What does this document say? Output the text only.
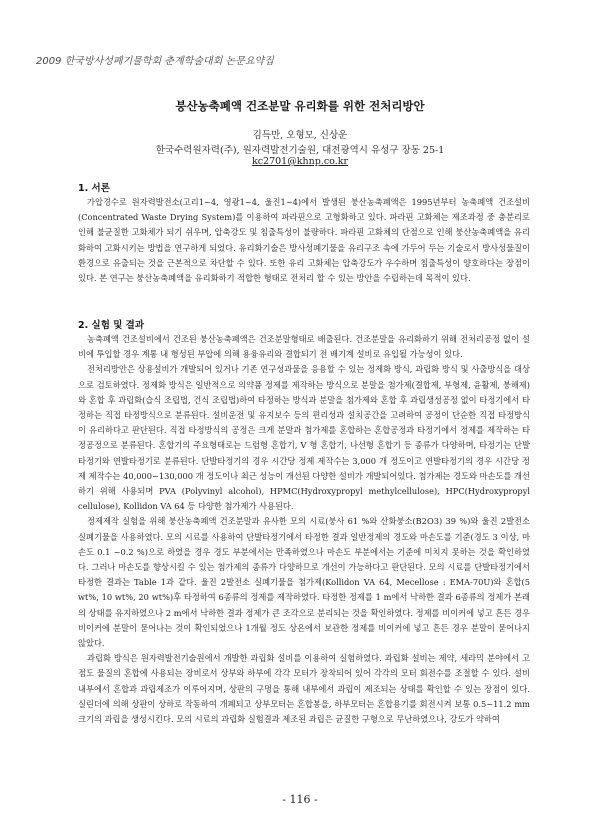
2009 한국방사성폐기물학회 춘계학술대회 논문요약집
붕산농축폐액 건조분말 유리화를 위한 전처리방안
김득만, 오형모, 신상운
한국수력원자력(주), 원자력발전기술원, 대전광역시 유성구 장동 25-1
kc2701@khnp.co.kr
1. 서론

가압경수로 원자력발전소(고리1~4, 영광1~4, 울진1~4)에서 발생된 붕산농축폐액은 1995년부터 농축폐액 건조설비(Concentrated Waste Drying System)를 이용하여 파라핀으로 고형화하고 있다. 파라핀 고화체는 제조과정 중 충분리로 인해 불균질한 고화체가 되기 쉬우며, 압축강도 및 침출특성이 불량하다. 파라핀 고화체의 단점으로 인해 붕산농축폐액을 유리화하여 고화시키는 방법을 연구하게 되었다. 유리화기술은 방사성폐기물을 유리구조 속에 가두어 두는 기술로서 방사성물질이 환경으로 유출되는 것을 근본적으로 차단할 수 있다. 또한 유리 고화체는 압축강도가 우수하며 침출특성이 양호하다는 장점이 있다. 본 연구는 붕산농축폐액을 유리화하기 적합한 형태로 전처리 할 수 있는 방안을 수립하는데 목적이 있다.

2. 실험 및 결과

농축폐액 건조설비에서 건조된 붕산농축폐액은 건조분말형태로 배출된다. 건조분말을 유리화하기 위해 전처리공정 없이 설비에 투입할 경우 계통 내 형성된 부압에 의해 용융유리와 결합되기 전 배기계 설비로 유입될 가능성이 있다.

전처리방안은 상용설비가 개발되어 있거나 기존 연구성과물을 응용할 수 있는 정제화 방식, 과립화 방식 및 사출방식을 대상으로 검토하였다. 정제화 방식은 일반적으로 의약품 정제를 제작하는 방식으로 분말을 첨가제(결합제, 부형제, 윤활제, 붕해제)와 혼합 후 과립화(습식 조립법, 건식 조립법)하여 타정하는 방식과 분말을 첨가제와 혼합 후 과립생성공정 없이 타정기에서 타정하는 직접 타정방식으로 분류된다. 설비운전 및 유지보수 등의 편리성과 설치공간을 고려하여 공정이 단순한 직접 타정방식이 유리하다고 판단된다. 직접 타정방식의 공정은 크게 분말과 첨가제를 혼합하는 혼합공정과 타정기에서 정제를 제작하는 타정공정으로 분류된다. 혼합기의 주요형태로는 드럼형 혼합기, V 형 혼합기, 나선형 혼합기 등 종류가 다양하며, 타정기는 단발타정기와 연발타정기로 분류된다. 단발타정기의 경우 시간당 정제 제작수는 3,000 개 정도이고 연발타정기의 경우 시간당 정제 제작수는 40,000~130,000 개 정도이나 최근 성능이 개선된 다양한 설비가 개발되어있다. 첨가제는 경도와 마손도를 개선하기 위해 사용되며 PVA (Polyvinyl alcohol), HPMC(Hydroxypropyl methylcellulose), HPC(Hydroxypropyl cellulose), Kollidon VA 64 등 다양한 첨가제가 사용된다.

정제제작 실험을 위해 붕산농축폐액 건조분말과 유사한 모의 시료(붕사 61 %와 산화붕소(B2O3) 39 %)와 울진 2발전소 실폐기물을 사용하였다. 모의 시료를 사용하여 단발타정기에서 타정한 결과 일반정제의 경도와 마손도를 기준(경도 3 이상, 마손도 0.1 ~0.2 %)으로 하였을 경우 경도 부분에서는 만족하였으나 마손도 부분에서는 기준에 미치지 못하는 것을 확인하였다. 그러나 마손도를 향상시킬 수 있는 첨가제의 종류가 다양하므로 개선이 가능하다고 판단된다. 모의 시료를 단발타정기에서 타정한 결과는 Table 1과 같다. 울진 2발전소 실폐기물을 첨가제(Kollidon VA 64, Mecellose : EMA-70U)와 혼합(5 wt%, 10 wt%, 20 wt%)후 타정하여 6종류의 정제를 제작하였다. 타정한 정제를 1 m에서 낙하한 결과 6종류의 정제가 본래의 상태를 유지하였으나 2 m에서 낙하한 결과 정제가 큰 조각으로 분리되는 것을 확인하였다. 정제를 비이커에 넣고 흔든 경우 비이커에 분말이 묻어나는 것이 확인되었으나 1개월 정도 상온에서 보관한 정제를 비이커에 넣고 흔든 경우 분말이 묻어나지 않았다.

과립화 방식은 원자력발전기술원에서 개발한 과립화 설비를 이용하여 실험하였다. 과립화 설비는 제약, 세라믹 분야에서 고점도 물질의 혼합에 사용되는 장비로서 상부와 하부에 각각 모터가 장착되어 있어 각각의 모터 회전수를 조절할 수 있다. 설비 내부에서 혼합과 과립제조가 이루어지며, 상판의 구멍을 통해 내부에서 과립이 제조되는 상태를 확인할 수 있는 장점이 있다. 실린더에 의해 상판이 상하로 작동하여 개폐되고 상부모터는 혼합봉을, 하부모터는 혼합용기를 회전시켜 보통 0.5~11.2 mm 크기의 과립을 생성시킨다. 모의 시료의 과립화 실험결과 제조된 과립은 균질한 구형으로 무난하였으나, 강도가 약하여

- 116 -
